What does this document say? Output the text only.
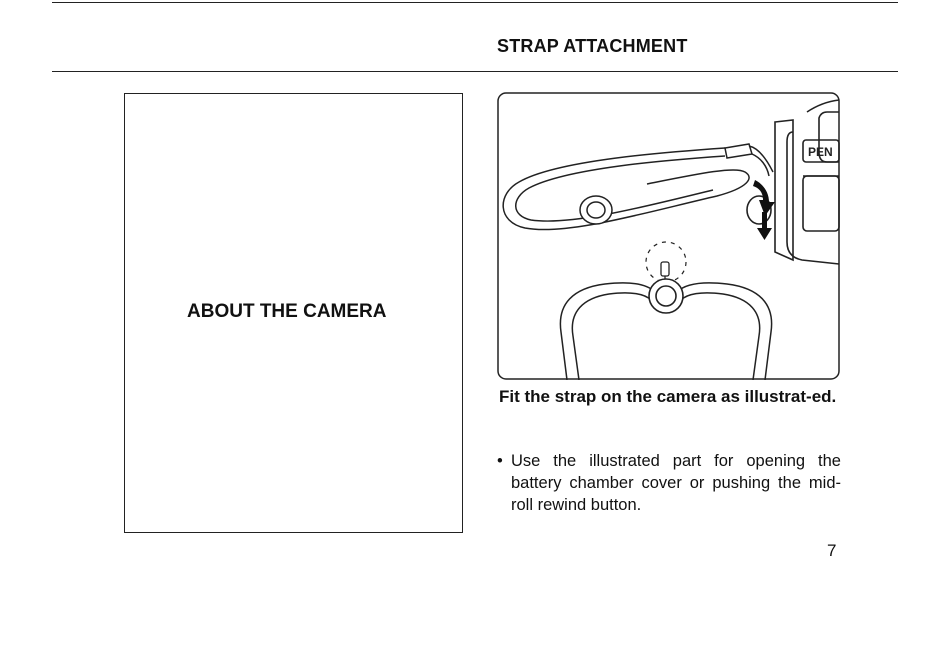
STRAP ATTACHMENT
ABOUT THE CAMERA
PEN
Fit the strap on the camera as illustrat-ed.
• Use the illustrated part for opening the battery chamber cover or pushing the mid-roll rewind button.
7
